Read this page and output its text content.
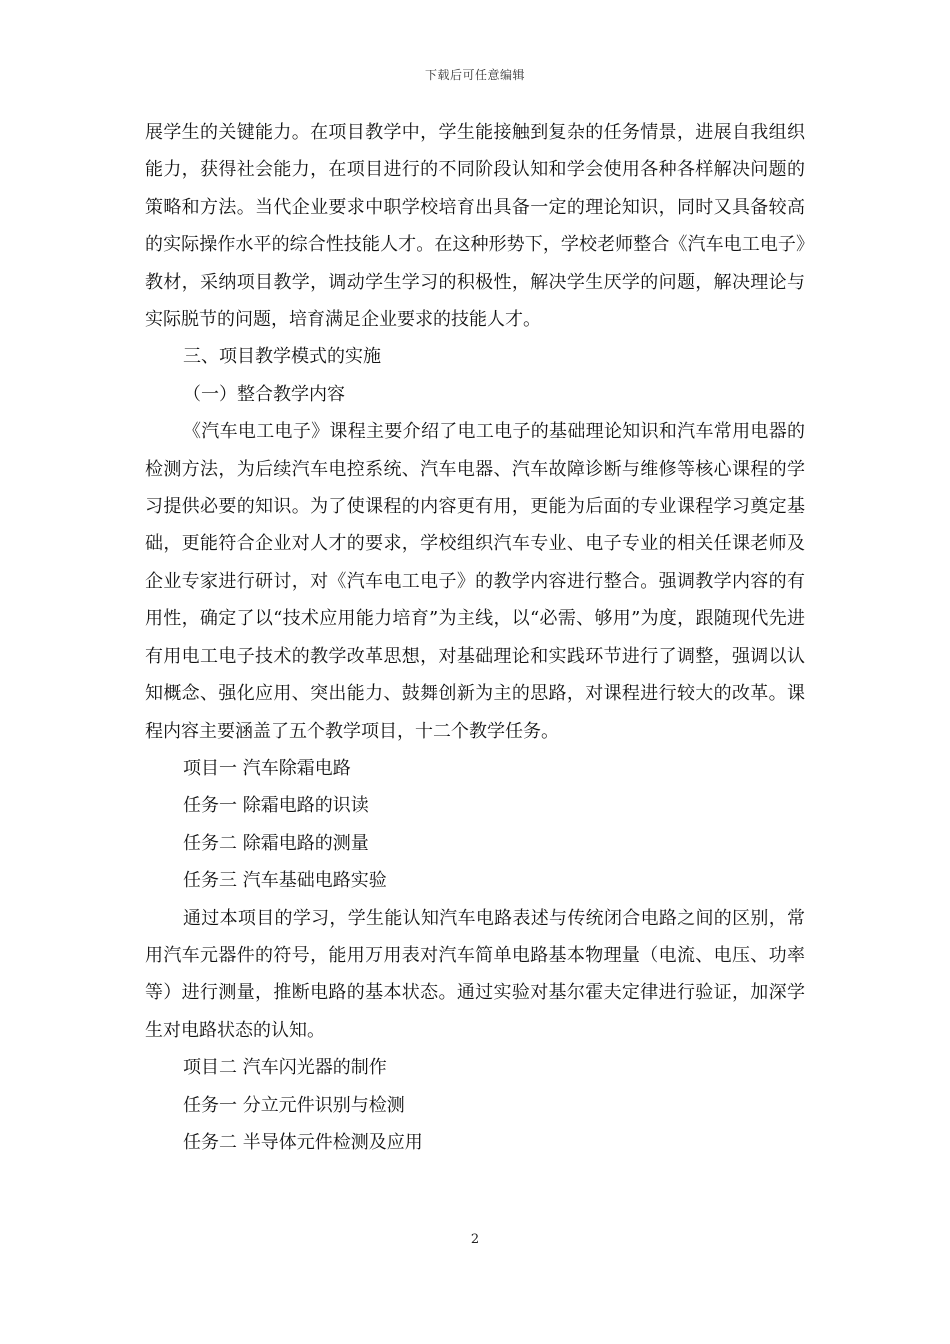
下载后可任意编辑

展学生的关键能力。在项目教学中，学生能接触到复杂的任务情景，进展自我组织能力，获得社会能力，在项目进行的不同阶段认知和学会使用各种各样解决问题的策略和方法。当代企业要求中职学校培育出具备一定的理论知识，同时又具备较高的实际操作水平的综合性技能人才。在这种形势下，学校老师整合《汽车电工电子》教材，采纳项目教学，调动学生学习的积极性，解决学生厌学的问题，解决理论与实际脱节的问题，培育满足企业要求的技能人才。

三、项目教学模式的实施

（一）整合教学内容

《汽车电工电子》课程主要介绍了电工电子的基础理论知识和汽车常用电器的检测方法，为后续汽车电控系统、汽车电器、汽车故障诊断与维修等核心课程的学习提供必要的知识。为了使课程的内容更有用，更能为后面的专业课程学习奠定基础，更能符合企业对人才的要求，学校组织汽车专业、电子专业的相关任课老师及企业专家进行研讨，对《汽车电工电子》的教学内容进行整合。强调教学内容的有用性，确定了以“技术应用能力培育”为主线，以“必需、够用”为度，跟随现代先进有用电工电子技术的教学改革思想，对基础理论和实践环节进行了调整，强调以认知概念、强化应用、突出能力、鼓舞创新为主的思路，对课程进行较大的改革。课程内容主要涵盖了五个教学项目，十二个教学任务。

项目一 汽车除霜电路

任务一 除霜电路的识读

任务二 除霜电路的测量

任务三 汽车基础电路实验

通过本项目的学习，学生能认知汽车电路表述与传统闭合电路之间的区别，常用汽车元器件的符号，能用万用表对汽车简单电路基本物理量（电流、电压、功率等）进行测量，推断电路的基本状态。通过实验对基尔霍夫定律进行验证，加深学生对电路状态的认知。

项目二 汽车闪光器的制作

任务一 分立元件识别与检测

任务二 半导体元件检测及应用

2
